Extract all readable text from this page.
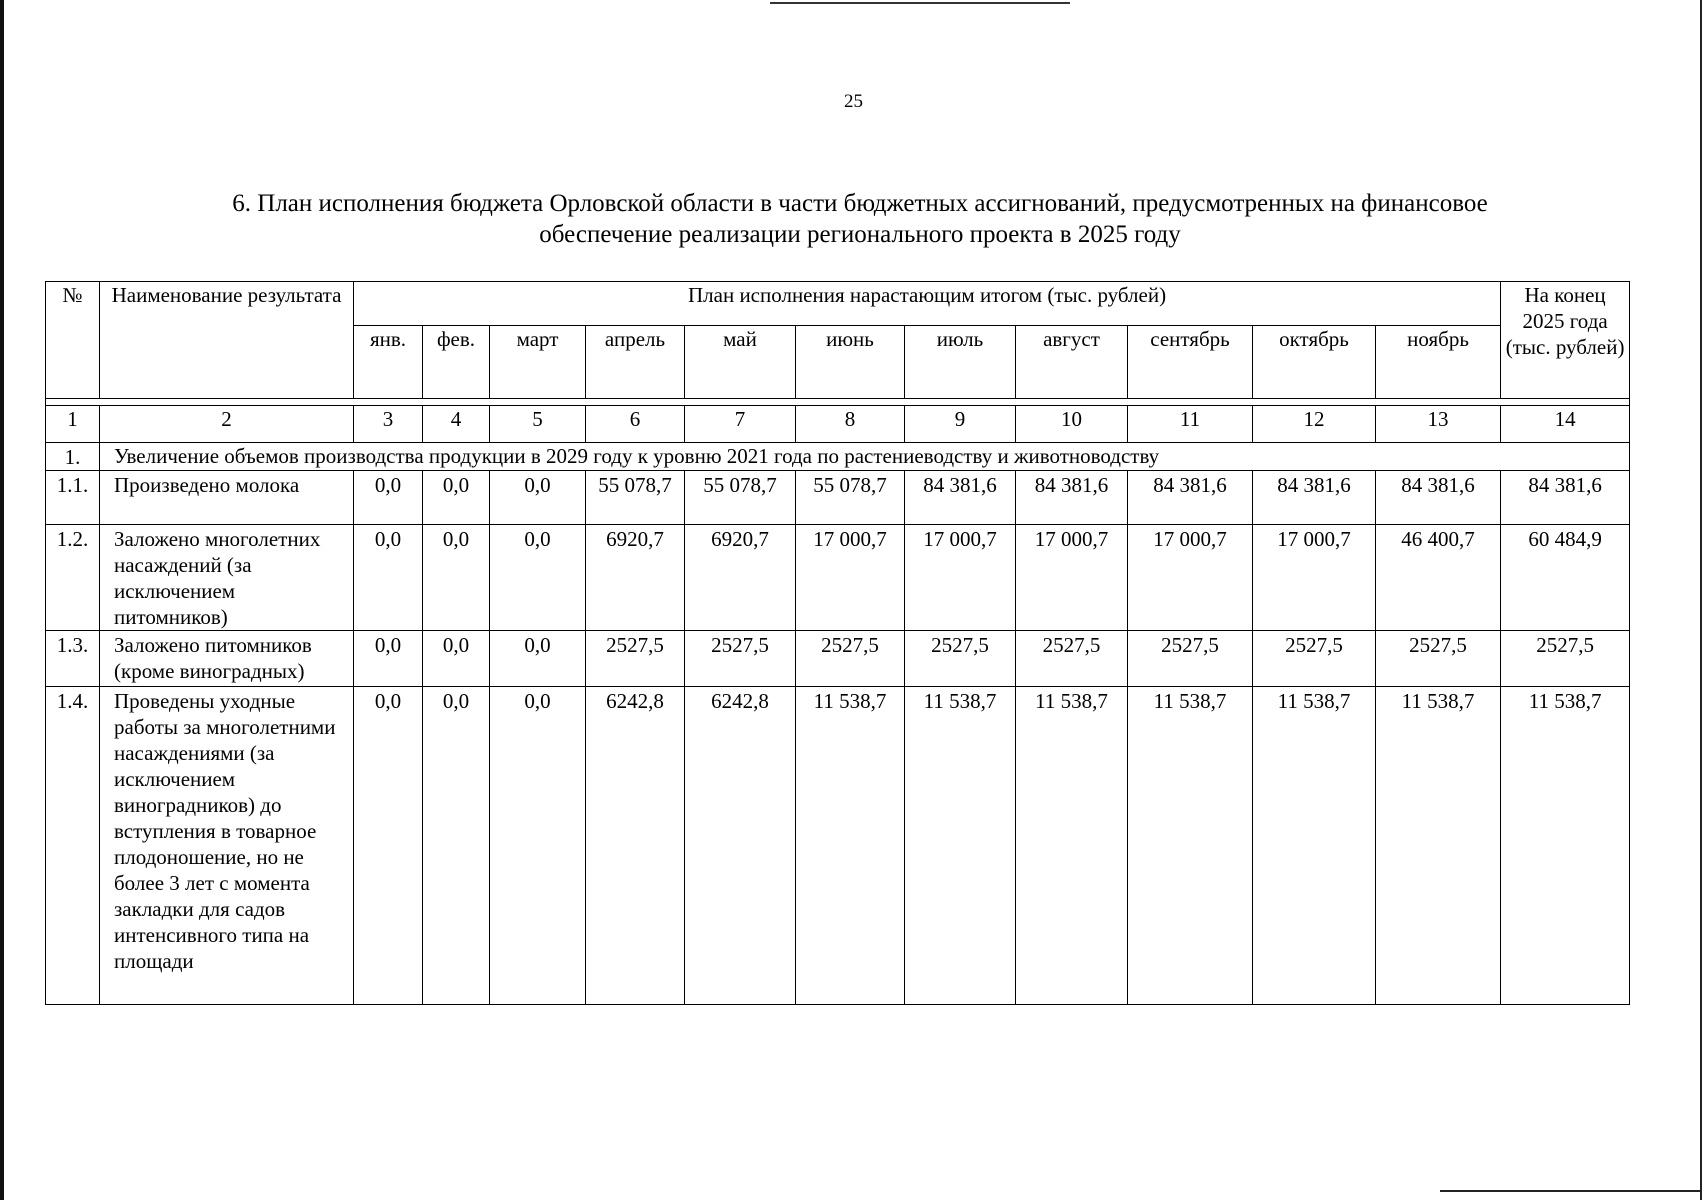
25
6. План исполнения бюджета Орловской области в части бюджетных ассигнований, предусмотренных на финансовое
обеспечение реализации регионального проекта в 2025 году
№	Наименование результата	План исполнения нарастающим итогом (тыс. рублей)											На конец 2025 года (тыс. рублей)
		янв.	фев.	март	апрель	май	июнь	июль	август	сентябрь	октябрь	ноябрь	

1	2	3	4	5	6	7	8	9	10	11	12	13	14
1.	Увеличение объемов производства продукции в 2029 году к уровню 2021 года по растениеводству и животноводству												
1.1.	Произведено молока	0,0	0,0	0,0	55 078,7	55 078,7	55 078,7	84 381,6	84 381,6	84 381,6	84 381,6	84 381,6	84 381,6
1.2.	Заложено многолетних насаждений (за исключением питомников)	0,0	0,0	0,0	6920,7	6920,7	17 000,7	17 000,7	17 000,7	17 000,7	17 000,7	46 400,7	60 484,9
1.3.	Заложено питомников (кроме виноградных)	0,0	0,0	0,0	2527,5	2527,5	2527,5	2527,5	2527,5	2527,5	2527,5	2527,5	2527,5
1.4.	Проведены уходные работы за многолетними насаждениями (за исключением виноградников) до вступления в товарное плодоношение, но не более 3 лет с момента закладки для садов интенсивного типа на площади	0,0	0,0	0,0	6242,8	6242,8	11 538,7	11 538,7	11 538,7	11 538,7	11 538,7	11 538,7	11 538,7
